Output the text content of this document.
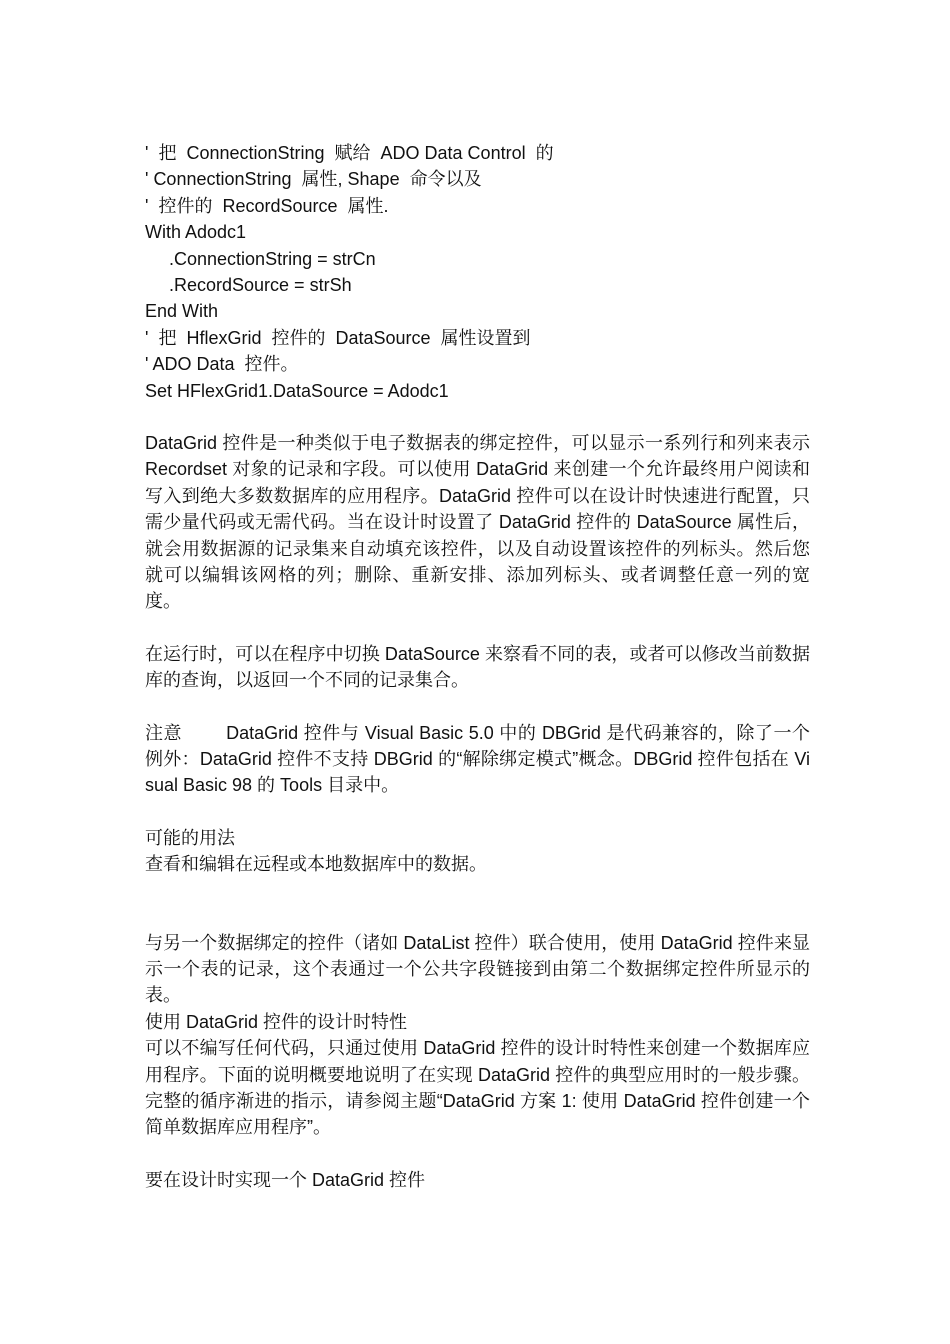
'  把  ConnectionString  赋给  ADO Data Control  的
' ConnectionString  属性, Shape  命令以及
'  控件的  RecordSource  属性.
With Adodc1
.ConnectionString = strCn
.RecordSource = strSh
End With
'  把  HflexGrid  控件的  DataSource  属性设置到
' ADO Data  控件。
Set HFlexGrid1.DataSource = Adodc1

DataGrid 控件是一种类似于电子数据表的绑定控件，可以显示一系列行和列来表示 Recordset 对象的记录和字段。可以使用 DataGrid 来创建一个允许最终用户阅读和写入到绝大多数数据库的应用程序。DataGrid 控件可以在设计时快速进行配置，只需少量代码或无需代码。当在设计时设置了 DataGrid 控件的 DataSource 属性后，就会用数据源的记录集来自动填充该控件，以及自动设置该控件的列标头。然后您就可以编辑该网格的列；删除、重新安排、添加列标头、或者调整任意一列的宽度。

在运行时，可以在程序中切换 DataSource 来察看不同的表，或者可以修改当前数据库的查询，以返回一个不同的记录集合。

注意 DataGrid 控件与 Visual Basic 5.0 中的 DBGrid 是代码兼容的，除了一个例外：DataGrid 控件不支持 DBGrid 的“解除绑定模式”概念。DBGrid 控件包括在 Visual Basic 98 的 Tools 目录中。

可能的用法
查看和编辑在远程或本地数据库中的数据。

与另一个数据绑定的控件（诸如 DataList 控件）联合使用，使用 DataGrid 控件来显示一个表的记录，这个表通过一个公共字段链接到由第二个数据绑定控件所显示的表。

使用 DataGrid 控件的设计时特性

可以不编写任何代码，只通过使用 DataGrid 控件的设计时特性来创建一个数据库应用程序。下面的说明概要地说明了在实现 DataGrid 控件的典型应用时的一般步骤。完整的循序渐进的指示，请参阅主题“DataGrid 方案 1: 使用 DataGrid 控件创建一个简单数据库应用程序”。

要在设计时实现一个 DataGrid 控件
